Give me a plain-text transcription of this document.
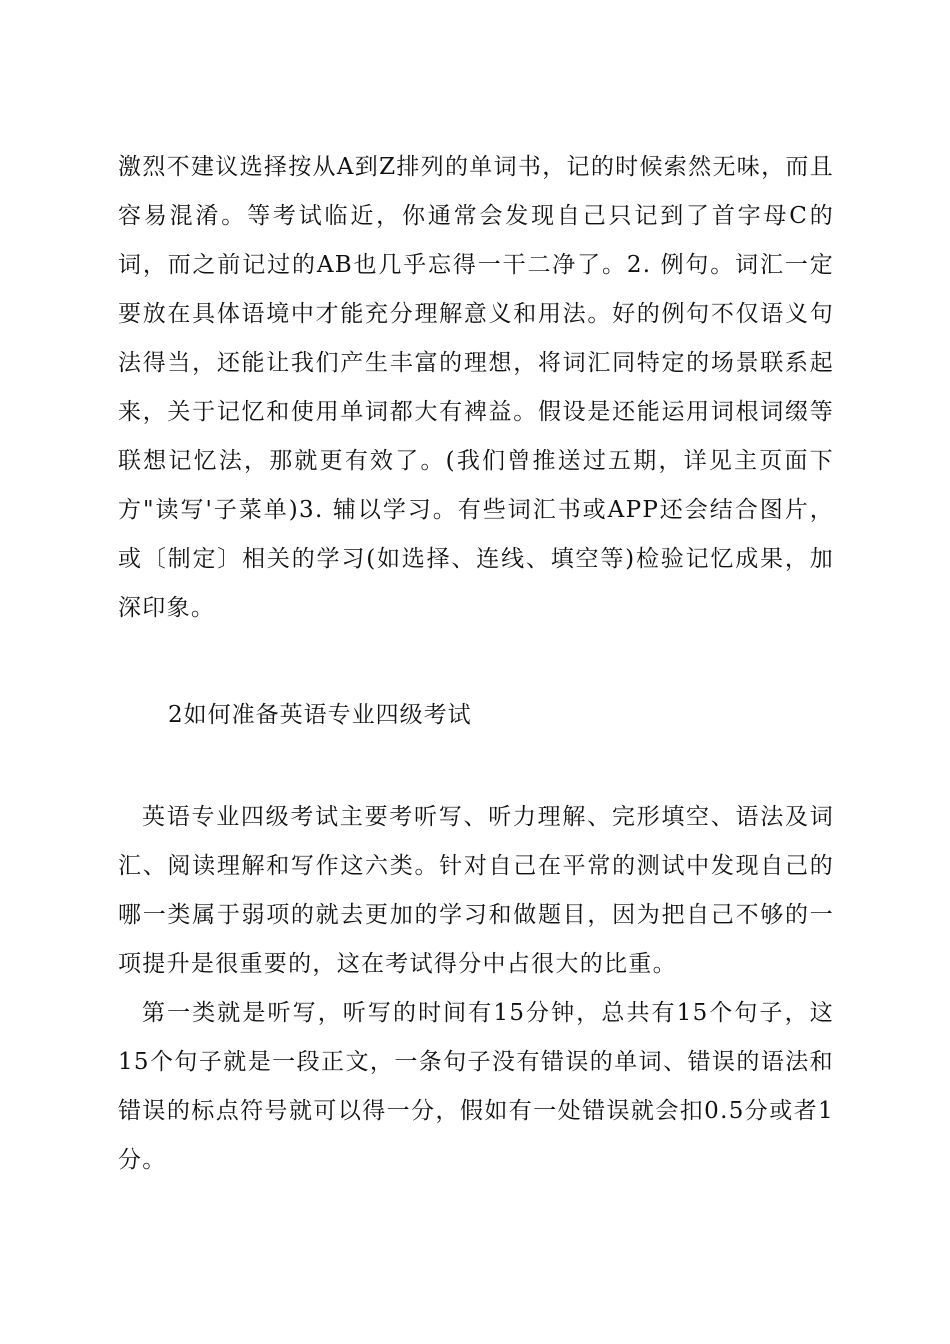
激烈不建议选择按从A到Z排列的单词书，记的时候索然无味，而且容易混淆。等考试临近，你通常会发现自己只记到了首字母C的词，而之前记过的AB也几乎忘得一干二净了。2. 例句。词汇一定要放在具体语境中才能充分理解意义和用法。好的例句不仅语义句法得当，还能让我们产生丰富的理想，将词汇同特定的场景联系起来，关于记忆和使用单词都大有裨益。假设是还能运用词根词缀等联想记忆法，那就更有效了。(我们曾推送过五期，详见主页面下方"读写'子菜单)3. 辅以学习。有些词汇书或APP还会结合图片，或〔制定〕相关的学习(如选择、连线、填空等)检验记忆成果，加深印象。

2如何准备英语专业四级考试

英语专业四级考试主要考听写、听力理解、完形填空、语法及词汇、阅读理解和写作这六类。针对自己在平常的测试中发现自己的哪一类属于弱项的就去更加的学习和做题目，因为把自己不够的一项提升是很重要的，这在考试得分中占很大的比重。

第一类就是听写，听写的时间有15分钟，总共有15个句子，这15个句子就是一段正文，一条句子没有错误的单词、错误的语法和错误的标点符号就可以得一分，假如有一处错误就会扣0.5分或者1分。
